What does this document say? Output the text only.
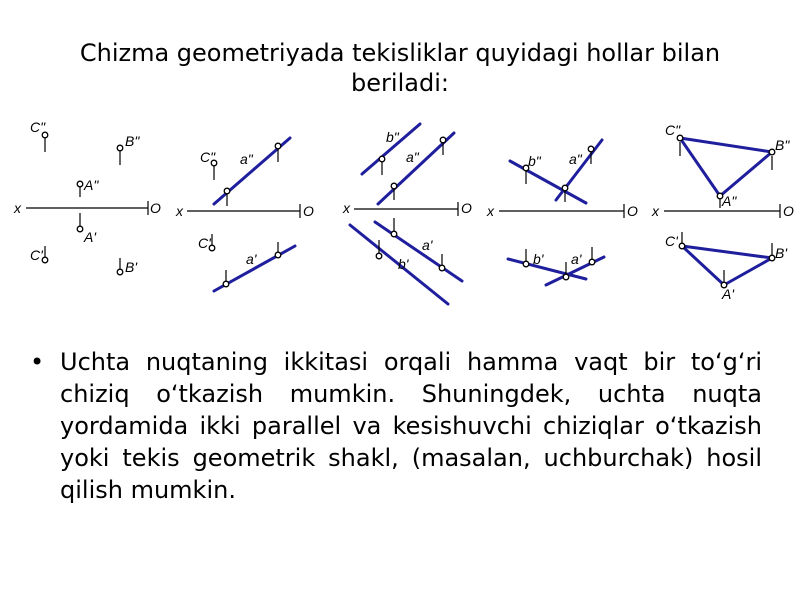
Chizma geometriyada tekisliklar quyidagi hollar bilan beriladi:
x	O
C"
B"
A"
A'
C'
B'
x	O
C" a"
C'
a'
x	O
b"
a"
a'
b'
x	O
b" a"
b' a'
x	O
C"
B"
A"
C'
B'
A'
• Uchta nuqtaning ikkitasi orqali hamma vaqt bir to‘g‘ri chiziq o‘tkazish mumkin. Shuningdek, uchta nuqta yordamida ikki parallel va kesishuvchi chiziqlar o‘tkazish yoki tekis geometrik shakl, (masalan, uchburchak) hosil qilish mumkin.
